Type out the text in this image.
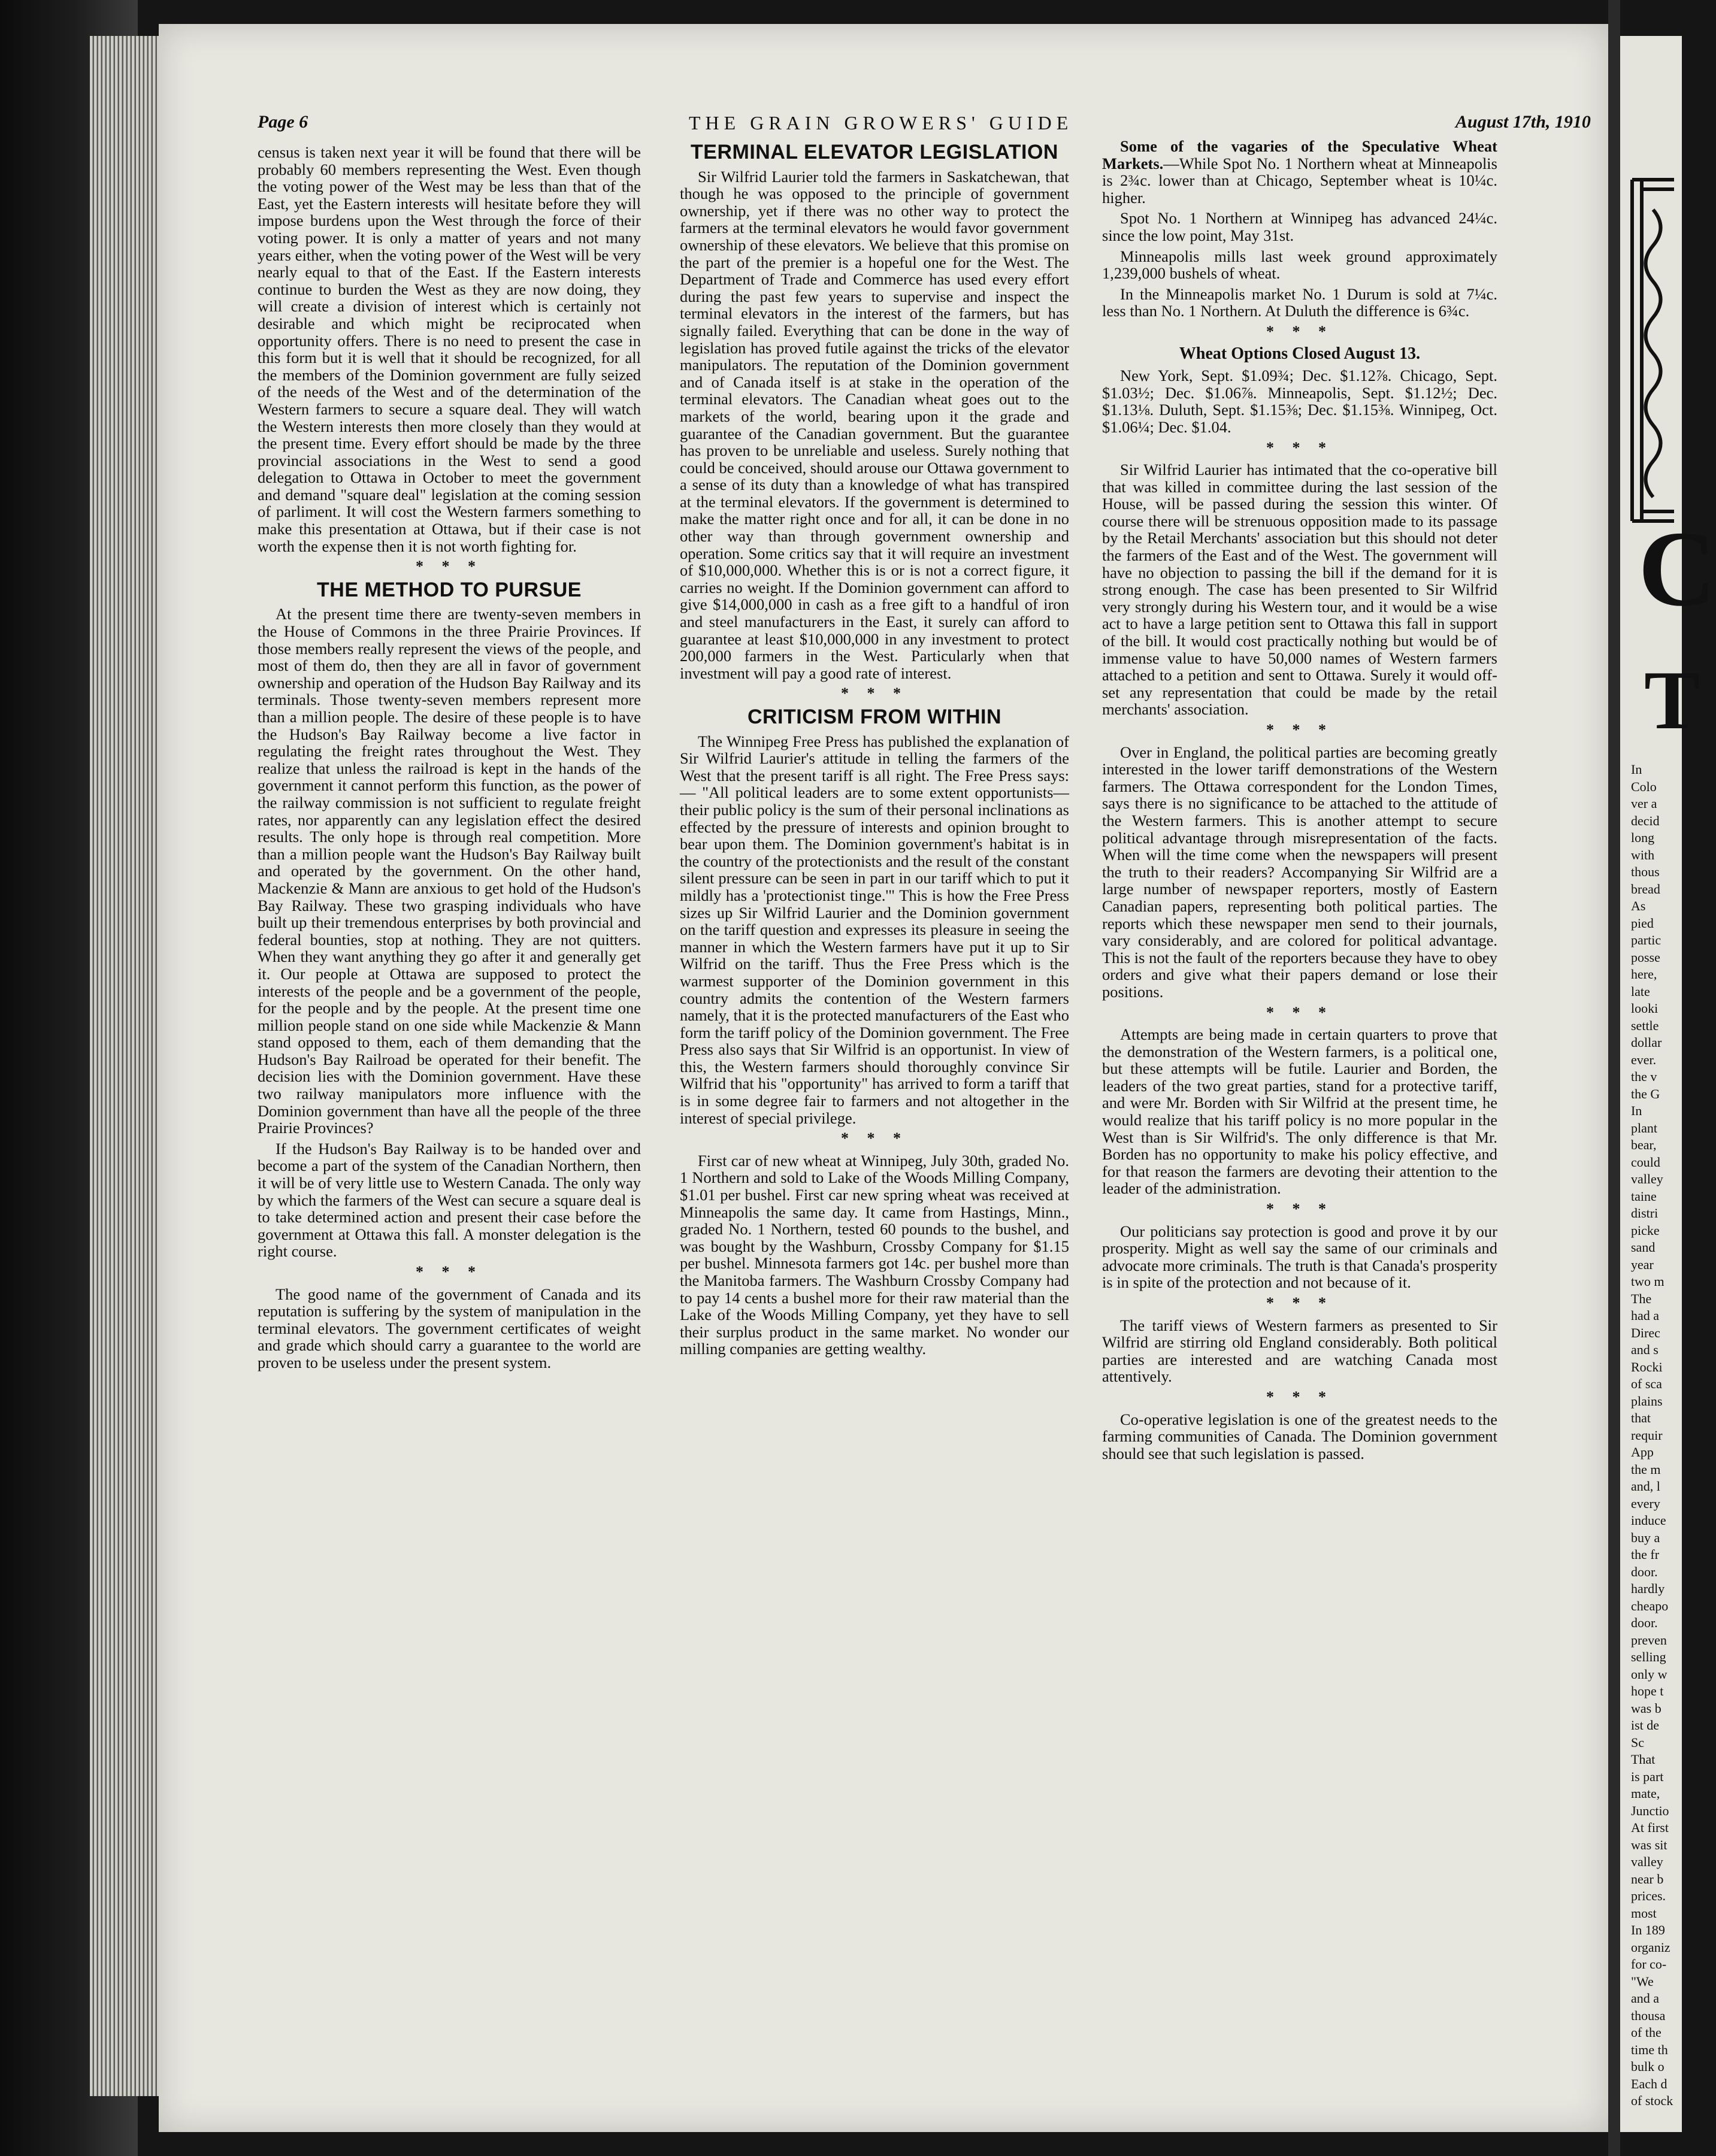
Page 6	THE GRAIN GROWERS' GUIDE	August 17th, 1910

census is taken next year it will be found that there will be probably 60 members representing the West. Even though the voting power of the West may be less than that of the East, yet the Eastern interests will hesitate before they will impose burdens upon the West through the force of their voting power. It is only a matter of years and not many years either, when the voting power of the West will be very nearly equal to that of the East. If the Eastern interests continue to burden the West as they are now doing, they will create a division of interest which is certainly not desirable and which might be reciprocated when opportunity offers. There is no need to present the case in this form but it is well that it should be recognized, for all the members of the Dominion government are fully seized of the needs of the West and of the determination of the Western farmers to secure a square deal. They will watch the Western interests then more closely than they would at the present time. Every effort should be made by the three provincial associations in the West to send a good delegation to Ottawa in October to meet the government and demand "square deal" legislation at the coming session of parliment. It will cost the Western farmers something to make this presentation at Ottawa, but if their case is not worth the expense then it is not worth fighting for.

* * *
THE METHOD TO PURSUE

At the present time there are twenty-seven members in the House of Commons in the three Prairie Provinces. If those members really represent the views of the people, and most of them do, then they are all in favor of government ownership and operation of the Hudson Bay Railway and its terminals. Those twenty-seven members represent more than a million people. The desire of these people is to have the Hudson's Bay Railway become a live factor in regulating the freight rates throughout the West. They realize that unless the railroad is kept in the hands of the government it cannot perform this function, as the power of the railway commission is not sufficient to regulate freight rates, nor apparently can any legislation effect the desired results. The only hope is through real competition. More than a million people want the Hudson's Bay Railway built and operated by the government. On the other hand, Mackenzie & Mann are anxious to get hold of the Hudson's Bay Railway. These two grasping individuals who have built up their tremendous enterprises by both provincial and federal bounties, stop at nothing. They are not quitters. When they want anything they go after it and generally get it. Our people at Ottawa are supposed to protect the interests of the people and be a government of the people, for the people and by the people. At the present time one million people stand on one side while Mackenzie & Mann stand opposed to them, each of them demanding that the Hudson's Bay Railroad be operated for their benefit. The decision lies with the Dominion government. Have these two railway manipulators more influence with the Dominion government than have all the people of the three Prairie Provinces?

If the Hudson's Bay Railway is to be handed over and become a part of the system of the Canadian Northern, then it will be of very little use to Western Canada. The only way by which the farmers of the West can secure a square deal is to take determined action and present their case before the government at Ottawa this fall. A monster delegation is the right course.

* * *

The good name of the government of Canada and its reputation is suffering by the system of manipulation in the terminal elevators. The government certificates of weight and grade which should carry a guarantee to the world are proven to be useless under the present system.

TERMINAL ELEVATOR LEGISLATION

Sir Wilfrid Laurier told the farmers in Saskatchewan, that though he was opposed to the principle of government ownership, yet if there was no other way to protect the farmers at the terminal elevators he would favor government ownership of these elevators. We believe that this promise on the part of the premier is a hopeful one for the West. The Department of Trade and Commerce has used every effort during the past few years to supervise and inspect the terminal elevators in the interest of the farmers, but has signally failed. Everything that can be done in the way of legislation has proved futile against the tricks of the elevator manipulators. The reputation of the Dominion government and of Canada itself is at stake in the operation of the terminal elevators. The Canadian wheat goes out to the markets of the world, bearing upon it the grade and guarantee of the Canadian government. But the guarantee has proven to be unreliable and useless. Surely nothing that could be conceived, should arouse our Ottawa government to a sense of its duty than a knowledge of what has transpired at the terminal elevators. If the government is determined to make the matter right once and for all, it can be done in no other way than through government ownership and operation. Some critics say that it will require an investment of $10,000,000. Whether this is or is not a correct figure, it carries no weight. If the Dominion government can afford to give $14,000,000 in cash as a free gift to a handful of iron and steel manufacturers in the East, it surely can afford to guarantee at least $10,000,000 in any investment to protect 200,000 farmers in the West. Particularly when that investment will pay a good rate of interest.

* * *
CRITICISM FROM WITHIN

The Winnipeg Free Press has published the explanation of Sir Wilfrid Laurier's attitude in telling the farmers of the West that the present tariff is all right. The Free Press says:— "All political leaders are to some extent opportunists—their public policy is the sum of their personal inclinations as effected by the pressure of interests and opinion brought to bear upon them. The Dominion government's habitat is in the country of the protectionists and the result of the constant silent pressure can be seen in part in our tariff which to put it mildly has a 'protectionist tinge.'" This is how the Free Press sizes up Sir Wilfrid Laurier and the Dominion government on the tariff question and expresses its pleasure in seeing the manner in which the Western farmers have put it up to Sir Wilfrid on the tariff. Thus the Free Press which is the warmest supporter of the Dominion government in this country admits the contention of the Western farmers namely, that it is the protected manufacturers of the East who form the tariff policy of the Dominion government. The Free Press also says that Sir Wilfrid is an opportunist. In view of this, the Western farmers should thoroughly convince Sir Wilfrid that his "opportunity" has arrived to form a tariff that is in some degree fair to farmers and not altogether in the interest of special privilege.

* * *

First car of new wheat at Winnipeg, July 30th, graded No. 1 Northern and sold to Lake of the Woods Milling Company, $1.01 per bushel. First car new spring wheat was received at Minneapolis the same day. It came from Hastings, Minn., graded No. 1 Northern, tested 60 pounds to the bushel, and was bought by the Washburn, Crossby Company for $1.15 per bushel. Minnesota farmers got 14c. per bushel more than the Manitoba farmers. The Washburn Crossby Company had to pay 14 cents a bushel more for their raw material than the Lake of the Woods Milling Company, yet they have to sell their surplus product in the same market. No wonder our milling companies are getting wealthy.

Some of the vagaries of the Speculative Wheat Markets.—While Spot No. 1 Northern wheat at Minneapolis is 2¾c. lower than at Chicago, September wheat is 10¼c. higher.

Spot No. 1 Northern at Winnipeg has advanced 24¼c. since the low point, May 31st.

Minneapolis mills last week ground approximately 1,239,000 bushels of wheat.

In the Minneapolis market No. 1 Durum is sold at 7¼c. less than No. 1 Northern. At Duluth the difference is 6¾c.

* * *
Wheat Options Closed August 13.

New York, Sept. $1.09¾; Dec. $1.12⅞. Chicago, Sept. $1.03½; Dec. $1.06⅞. Minneapolis, Sept. $1.12½; Dec. $1.13⅛. Duluth, Sept. $1.15⅜; Dec. $1.15⅜. Winnipeg, Oct. $1.06¼; Dec. $1.04.

* * *

Sir Wilfrid Laurier has intimated that the co-operative bill that was killed in committee during the last session of the House, will be passed during the session this winter. Of course there will be strenuous opposition made to its passage by the Retail Merchants' association but this should not deter the farmers of the East and of the West. The government will have no objection to passing the bill if the demand for it is strong enough. The case has been presented to Sir Wilfrid very strongly during his Western tour, and it would be a wise act to have a large petition sent to Ottawa this fall in support of the bill. It would cost practically nothing but would be of immense value to have 50,000 names of Western farmers attached to a petition and sent to Ottawa. Surely it would off-set any representation that could be made by the retail merchants' association.

* * *

Over in England, the political parties are becoming greatly interested in the lower tariff demonstrations of the Western farmers. The Ottawa correspondent for the London Times, says there is no significance to be attached to the attitude of the Western farmers. This is another attempt to secure political advantage through misrepresentation of the facts. When will the time come when the newspapers will present the truth to their readers? Accompanying Sir Wilfrid are a large number of newspaper reporters, mostly of Eastern Canadian papers, representing both political parties. The reports which these newspaper men send to their journals, vary considerably, and are colored for political advantage. This is not the fault of the reporters because they have to obey orders and give what their papers demand or lose their positions.

* * *

Attempts are being made in certain quarters to prove that the demonstration of the Western farmers, is a political one, but these attempts will be futile. Laurier and Borden, the leaders of the two great parties, stand for a protective tariff, and were Mr. Borden with Sir Wilfrid at the present time, he would realize that his tariff policy is no more popular in the West than is Sir Wilfrid's. The only difference is that Mr. Borden has no opportunity to make his policy effective, and for that reason the farmers are devoting their attention to the leader of the administration.

* * *

Our politicians say protection is good and prove it by our prosperity. Might as well say the same of our criminals and advocate more criminals. The truth is that Canada's prosperity is in spite of the protection and not because of it.

* * *

The tariff views of Western farmers as presented to Sir Wilfrid are stirring old England considerably. Both political parties are interested and are watching Canada most attentively.

* * *

Co-operative legislation is one of the greatest needs to the farming communities of Canada. The Dominion government should see that such legislation is passed.

C
T
In
Colo
ver a
decid
long
with
thous
bread
As
pied
partic
posse
here,
late
looki
settle
dollar
ever.
the v
the G
In
plant
bear,
could
valley
taine
distri
picke
sand
year
two m
The
had a
Direc
and s
Rocki
of sca
plains
that
requir
App
the m
and, l
every
induce
buy a
the fr
door.
hardly
cheapo
door.
preven
selling
only w
hope t
was b
ist de
Sc
That
is part
mate,
Junctio
At first
was sit
valley
near b
prices.
most
In 189
organiz
for co-
"We
and a
thousa
of the
time th
bulk o
Each d
of stock
